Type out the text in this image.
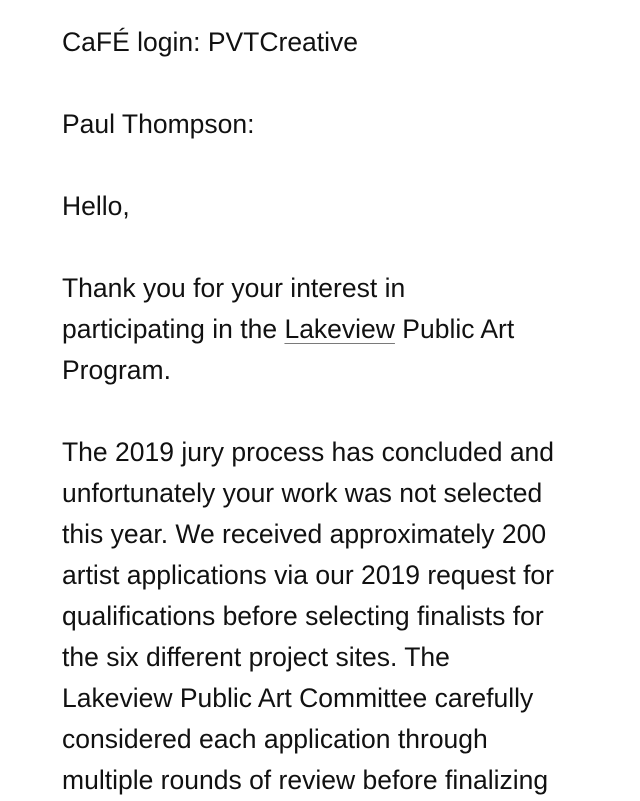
CaFÉ login: PVTCreative

Paul Thompson:

Hello,

Thank you for your interest in
participating in the Lakeview Public Art
Program.
The 2019 jury process has concluded and
unfortunately your work was not selected
this year. We received approximately 200
artist applications via our 2019 request for
qualifications before selecting finalists for
the six different project sites. The
Lakeview Public Art Committee carefully
considered each application through
multiple rounds of review before finalizing
